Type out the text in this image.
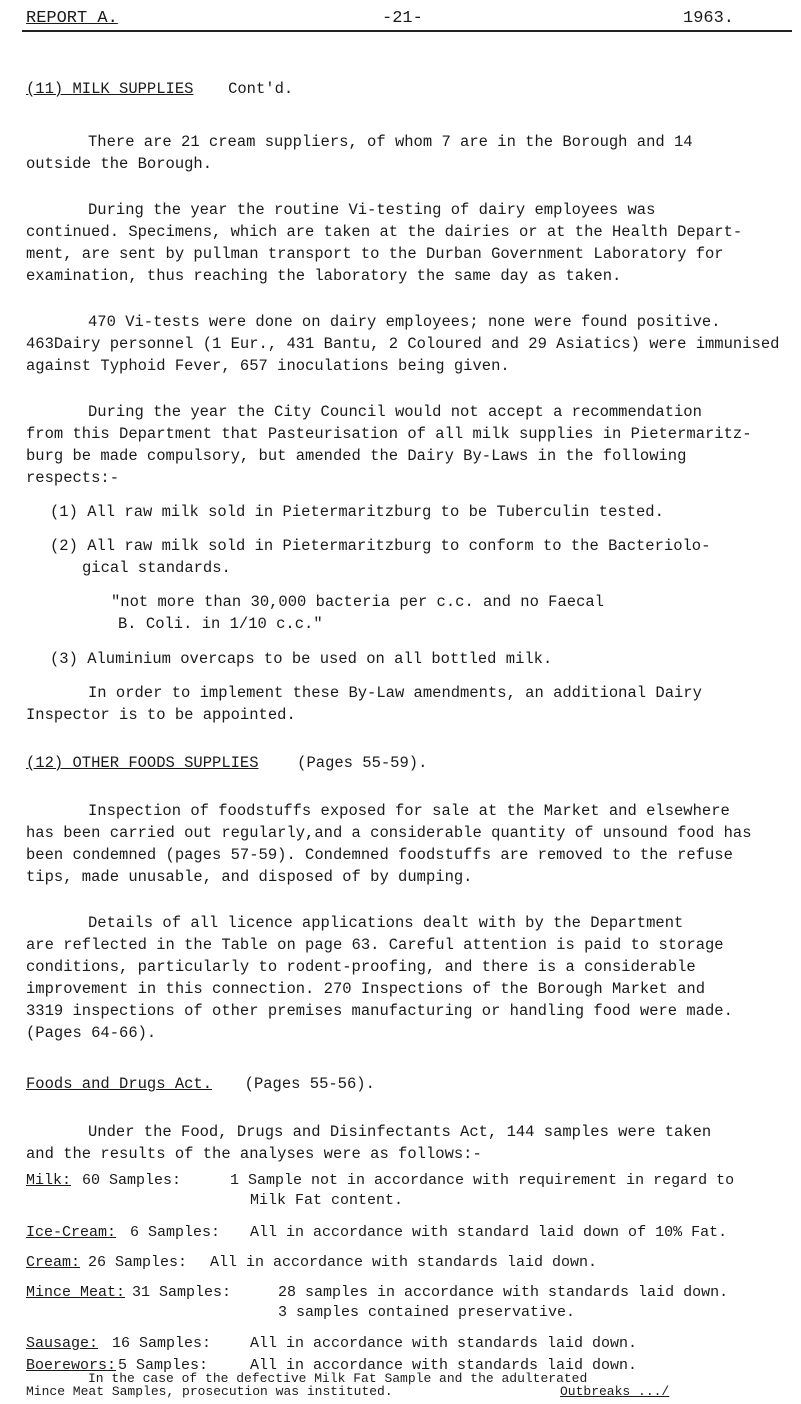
REPORT A.	-21-	1963.
(11) MILK SUPPLIES Cont'd.
There are 21 cream suppliers, of whom 7 are in the Borough and 14
outside the Borough.
During the year the routine Vi-testing of dairy employees was
continued. Specimens, which are taken at the dairies or at the Health Depart-
ment, are sent by pullman transport to the Durban Government Laboratory for
examination, thus reaching the laboratory the same day as taken.
470 Vi-tests were done on dairy employees; none were found positive.
463Dairy personnel (1 Eur., 431 Bantu, 2 Coloured and 29 Asiatics) were immunised
against Typhoid Fever, 657 inoculations being given.
During the year the City Council would not accept a recommendation
from this Department that Pasteurisation of all milk supplies in Pietermaritz-
burg be made compulsory, but amended the Dairy By-Laws in the following
respects:-
(1) All raw milk sold in Pietermaritzburg to be Tuberculin tested.
(2) All raw milk sold in Pietermaritzburg to conform to the Bacteriolo-
gical standards.
"not more than 30,000 bacteria per c.c. and no Faecal
B. Coli. in 1/10 c.c."
(3) Aluminium overcaps to be used on all bottled milk.
In order to implement these By-Law amendments, an additional Dairy
Inspector is to be appointed.
(12) OTHER FOODS SUPPLIES (Pages 55-59).
Inspection of foodstuffs exposed for sale at the Market and elsewhere
has been carried out regularly,and a considerable quantity of unsound food has
been condemned (pages 57-59). Condemned foodstuffs are removed to the refuse
tips, made unusable, and disposed of by dumping.
Details of all licence applications dealt with by the Department
are reflected in the Table on page 63. Careful attention is paid to storage
conditions, particularly to rodent-proofing, and there is a considerable
improvement in this connection. 270 Inspections of the Borough Market and
3319 inspections of other premises manufacturing or handling food were made.
(Pages 64-66).
Foods and Drugs Act. (Pages 55-56).
Under the Food, Drugs and Disinfectants Act, 144 samples were taken
and the results of the analyses were as follows:-
Milk: 60 Samples:	1 Sample not in accordance with requirement in regard to
Milk Fat content.
Ice-Cream: 6 Samples: All in accordance with standard laid down of 10% Fat.
Cream: 26 Samples: All in accordance with standards laid down.
Mince Meat: 31 Samples:	28 samples in accordance with standards laid down.
3 samples contained preservative.
Sausage: 16 Samples:	All in accordance with standards laid down.
Boerewors: 5 Samples:	All in accordance with standards laid down.
In the case of the defective Milk Fat Sample and the adulterated
Mince Meat Samples, prosecution was instituted.	Outbreaks .../
